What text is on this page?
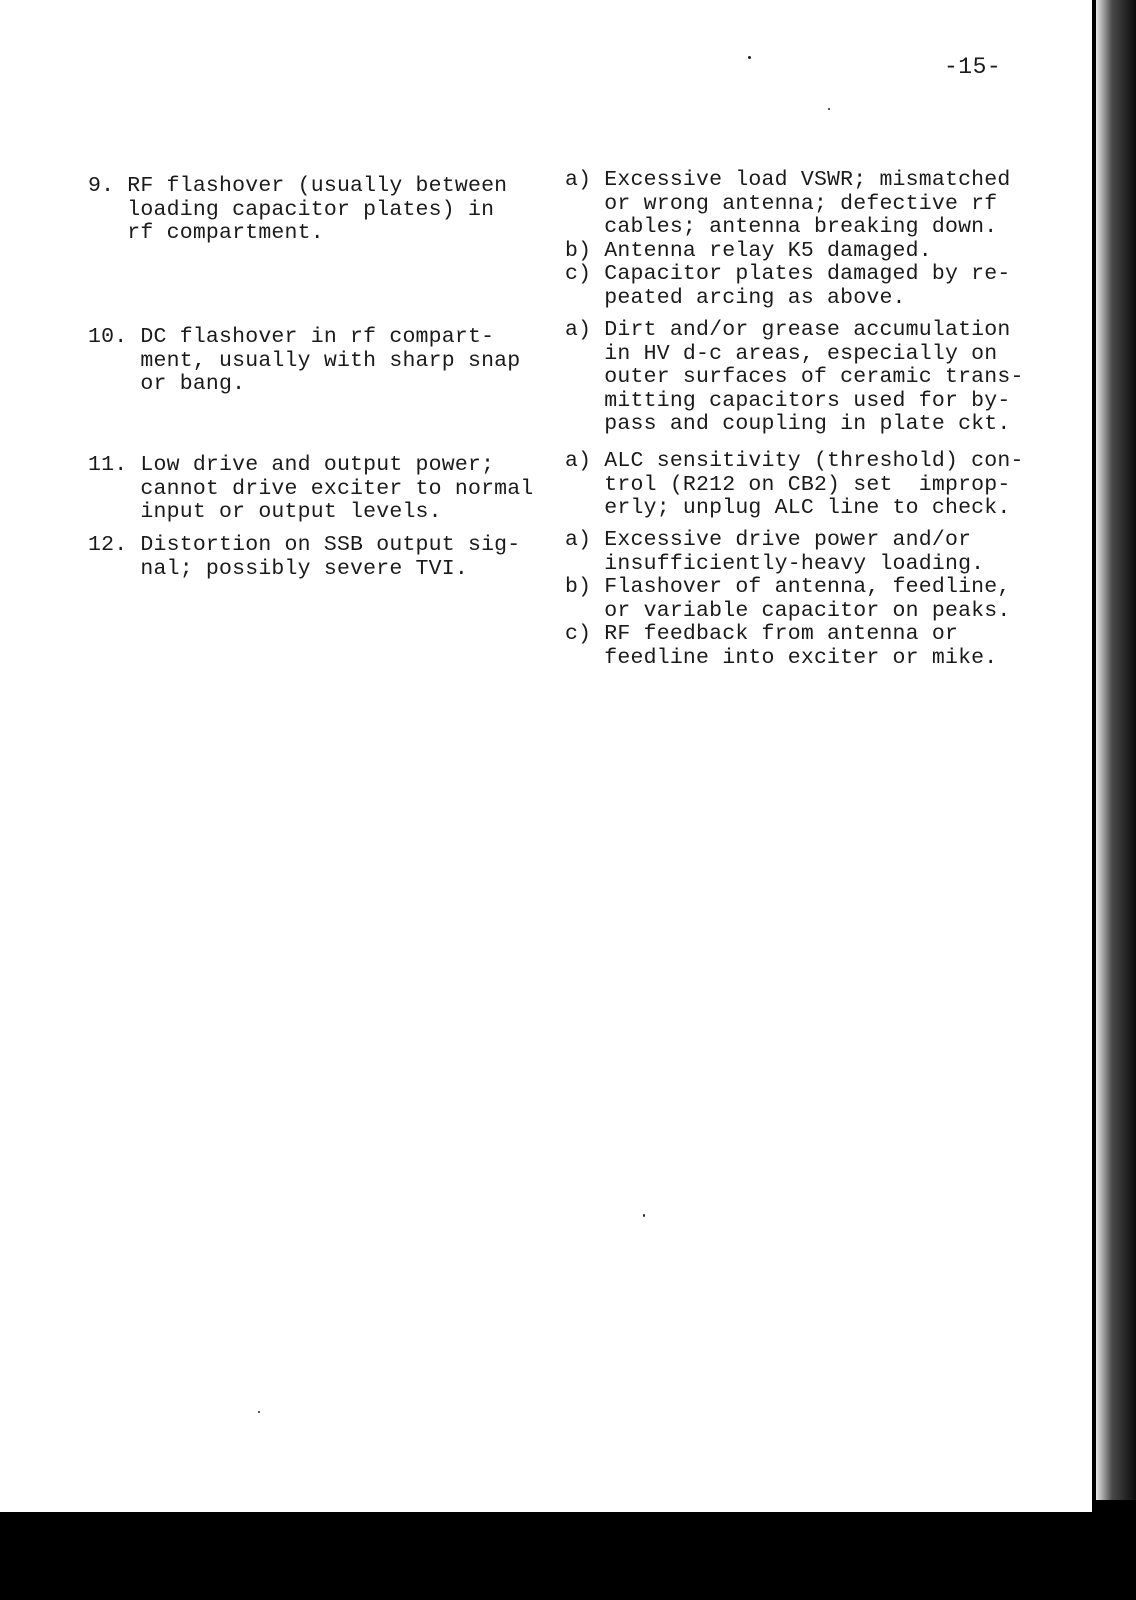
-15-

9. RF flashover (usually between
loading capacitor plates) in
rf compartment.

a) Excessive load VSWR; mismatched
or wrong antenna; defective rf
cables; antenna breaking down.
b) Antenna relay K5 damaged.
c) Capacitor plates damaged by re-
peated arcing as above.

10. DC flashover in rf compart-
ment, usually with sharp snap
or bang.

a) Dirt and/or grease accumulation
in HV d-c areas, especially on
outer surfaces of ceramic trans-
mitting capacitors used for by-
pass and coupling in plate ckt.

11. Low drive and output power;
cannot drive exciter to normal
input or output levels.

a) ALC sensitivity (threshold) con-
trol (R212 on CB2) set  improp-
erly; unplug ALC line to check.

12. Distortion on SSB output sig-
nal; possibly severe TVI.

a) Excessive drive power and/or
insufficiently-heavy loading.
b) Flashover of antenna, feedline,
or variable capacitor on peaks.
c) RF feedback from antenna or
feedline into exciter or mike.
